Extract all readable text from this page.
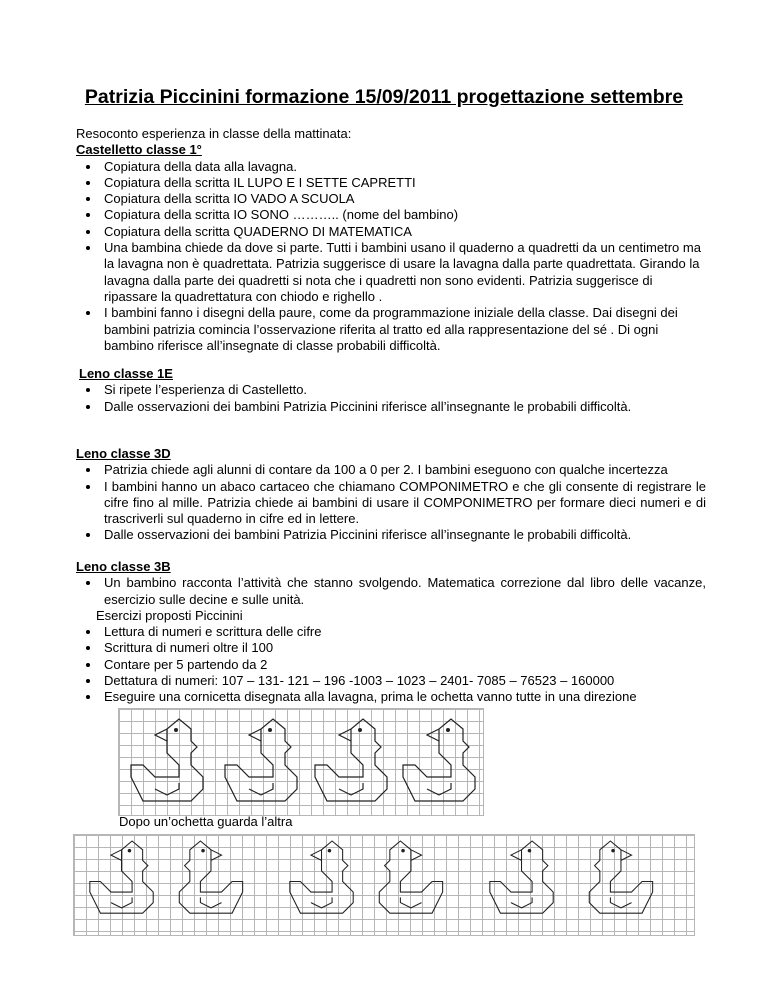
Patrizia Piccinini formazione 15/09/2011 progettazione settembre

Resoconto esperienza in classe della mattinata:

Castelletto classe 1°

• Copiatura della data alla lavagna.
• Copiatura della scritta IL LUPO E I SETTE CAPRETTI
• Copiatura della scritta IO VADO A SCUOLA
• Copiatura della scritta IO SONO ……….. (nome del bambino)
• Copiatura della scritta QUADERNO DI MATEMATICA
• Una bambina chiede da dove si parte. Tutti i bambini usano il quaderno a quadretti da un centimetro ma la lavagna non è quadrettata. Patrizia suggerisce di usare la lavagna dalla parte quadrettata. Girando la lavagna dalla parte dei quadretti si nota che i quadretti non sono evidenti. Patrizia suggerisce di ripassare la quadrettatura con chiodo e righello .
• I bambini fanno i disegni della paure, come da programmazione iniziale della classe. Dai disegni dei bambini patrizia comincia l’osservazione riferita al tratto ed alla rappresentazione del sé . Di ogni bambino riferisce all’insegnate di classe probabili difficoltà.

Leno classe 1E

• Si ripete l’esperienza di Castelletto.
• Dalle osservazioni dei bambini Patrizia Piccinini riferisce all’insegnante le probabili difficoltà.

Leno classe 3D

• Patrizia chiede agli alunni di contare da 100 a 0 per 2. I bambini eseguono con qualche incertezza
• I bambini hanno un abaco cartaceo che chiamano COMPONIMETRO e che gli consente di registrare le cifre fino al mille. Patrizia chiede ai bambini di usare il COMPONIMETRO per formare dieci numeri e di trascriverli sul quaderno in cifre ed in lettere.
• Dalle osservazioni dei bambini Patrizia Piccinini riferisce all’insegnante le probabili difficoltà.

Leno classe 3B

• Un bambino racconta l’attività che stanno svolgendo. Matematica correzione dal libro delle vacanze, esercizio sulle decine e sulle unità.

Esercizi proposti Piccinini

• Lettura di numeri e scrittura delle cifre
• Scrittura di numeri oltre il 100
• Contare per 5 partendo da 2
• Dettatura di numeri: 107 – 131- 121 – 196 -1003 – 1023 – 2401- 7085 – 76523 – 160000
• Eseguire una cornicetta disegnata alla lavagna, prima le ochetta vanno tutte in una direzione
Dopo un’ochetta guarda l’altra
